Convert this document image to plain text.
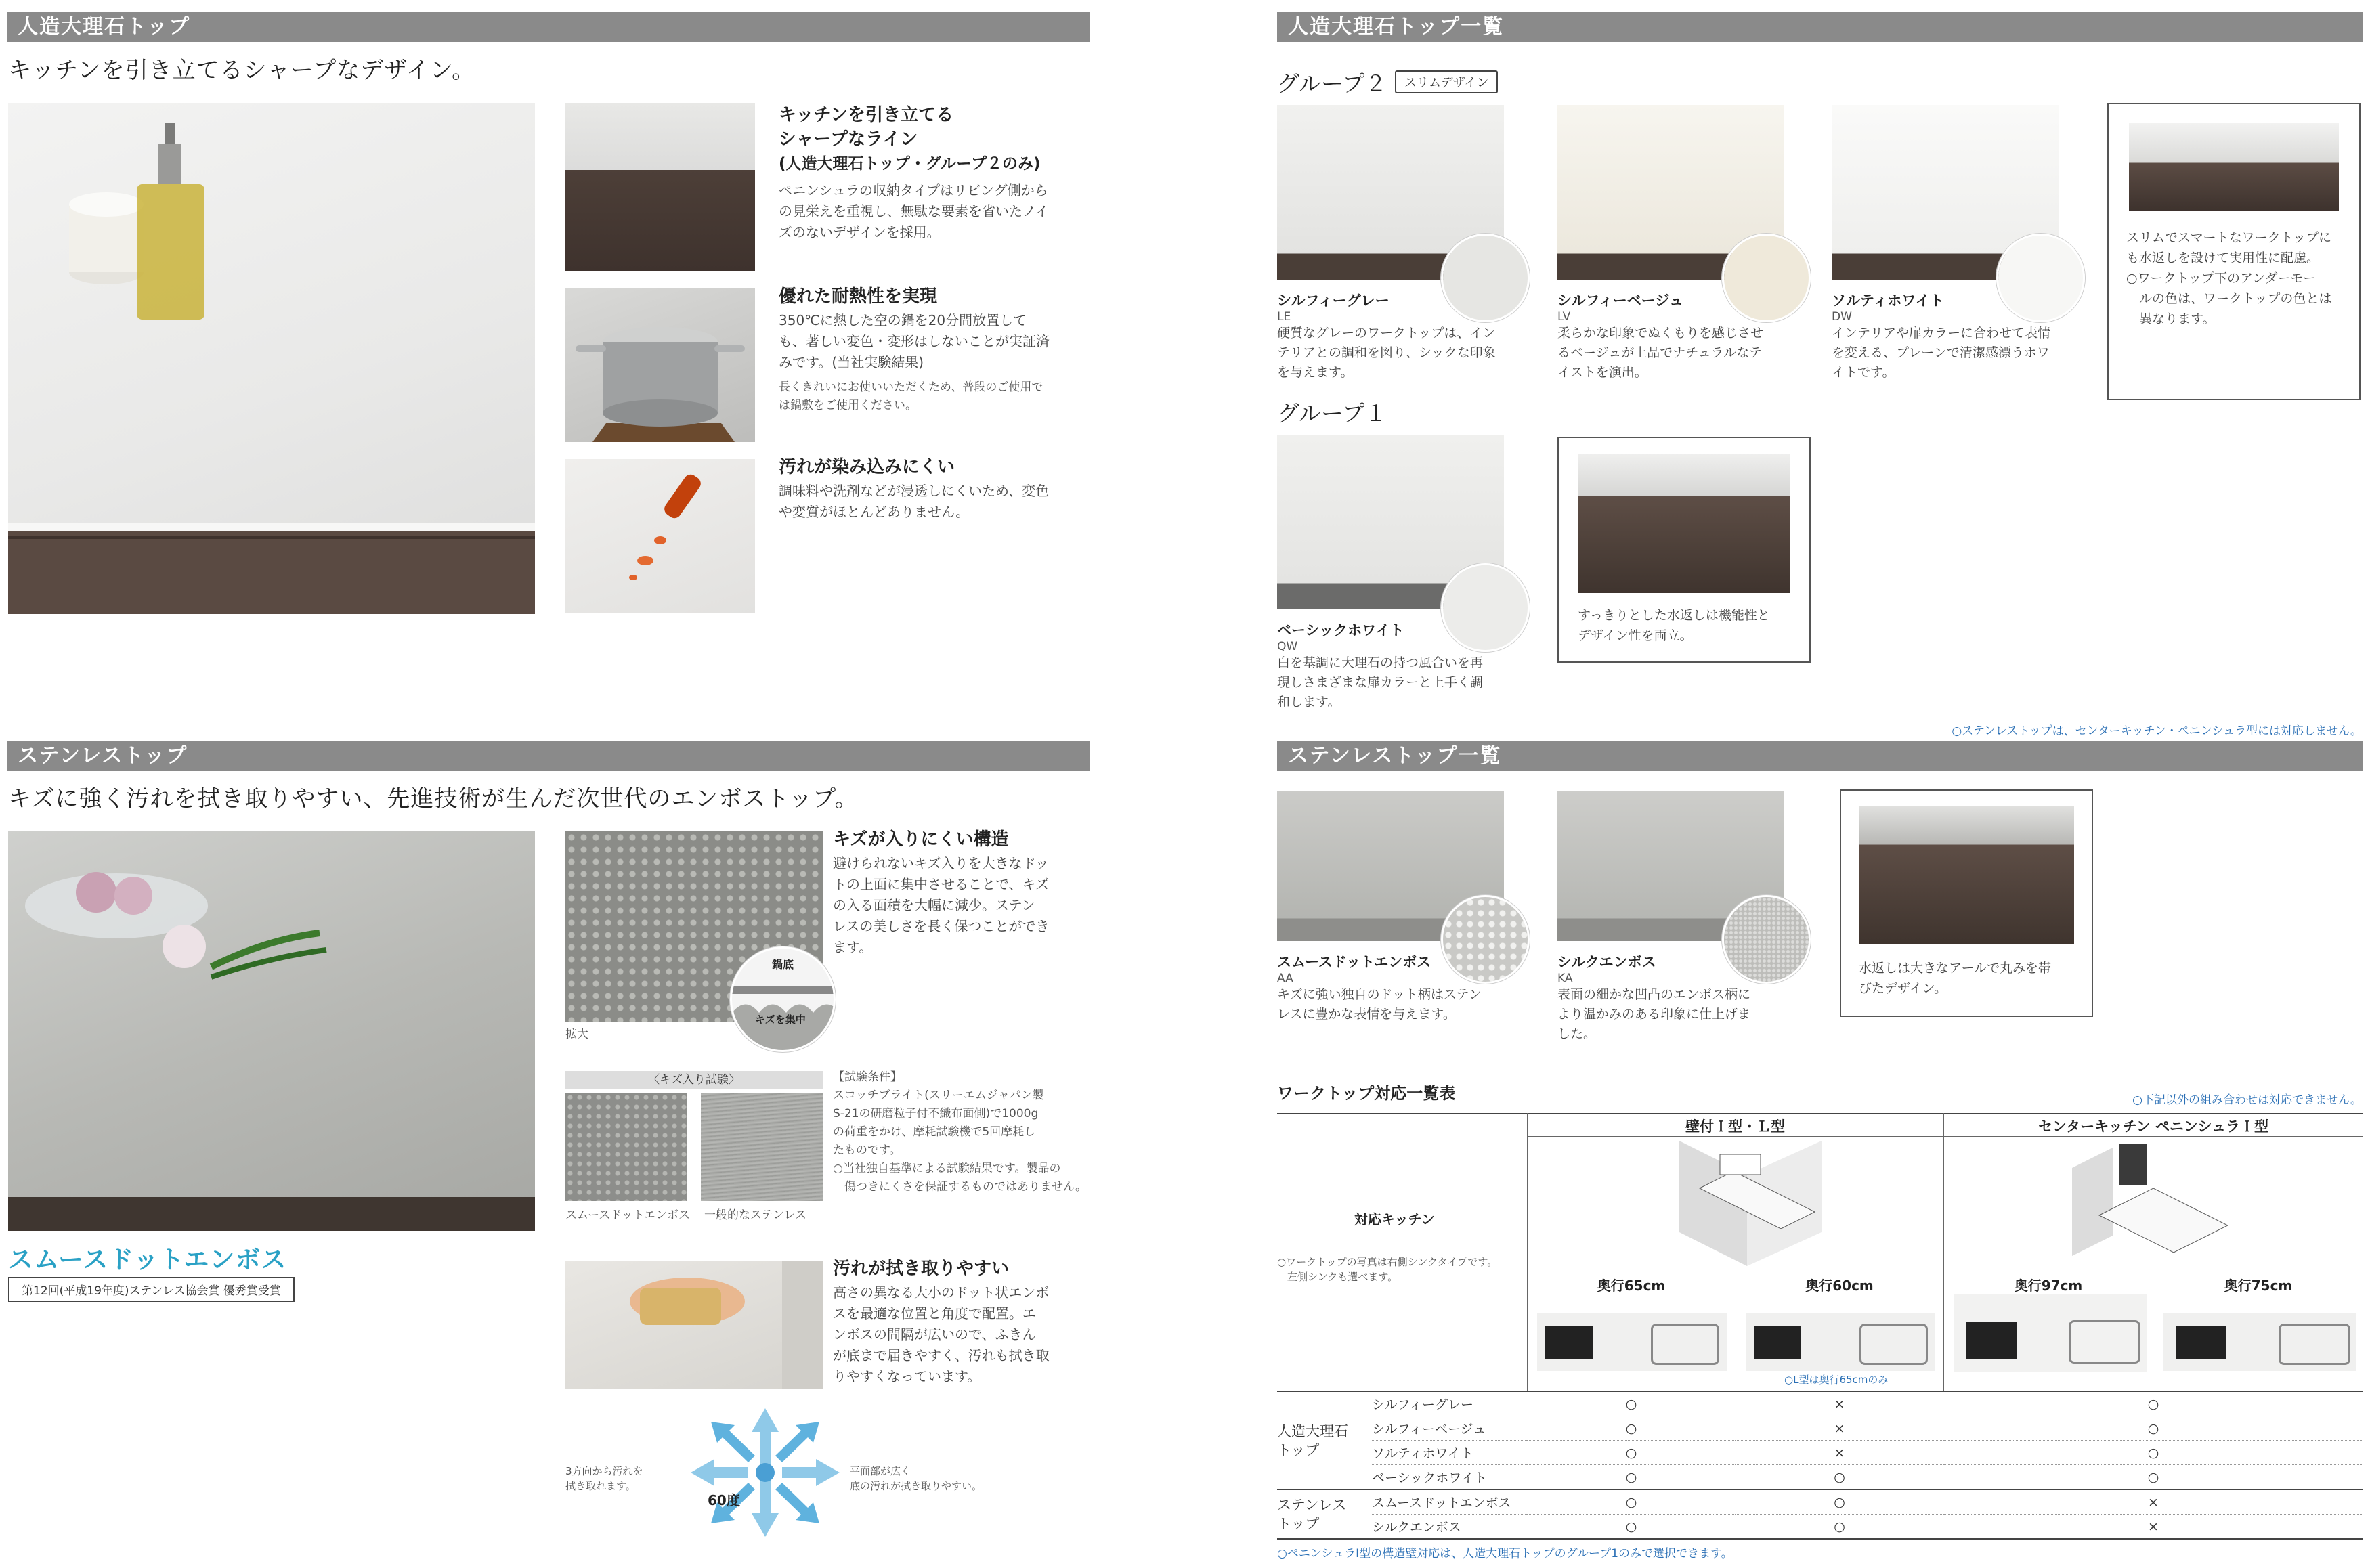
人造大理石トップ
キッチンを引き立てるシャープなデザイン。
キッチンを引き立てる
シャープなライン
(人造大理石トップ・グループ２のみ)
ペニンシュラの収納タイプはリビング側から
の見栄えを重視し、無駄な要素を省いたノイ
ズのないデザインを採用。
優れた耐熱性を実現
350℃に熱した空の鍋を20分間放置して
も、著しい変色・変形はしないことが実証済
みです。(当社実験結果)
長くきれいにお使いいただくため、普段のご使用で
は鍋敷をご使用ください。
汚れが染み込みにくい
調味料や洗剤などが浸透しにくいため、変色
や変質がほとんどありません。
ステンレストップ
キズに強く汚れを拭き取りやすい、先進技術が生んだ次世代のエンボストップ。
スムースドットエンボス
第12回(平成19年度)ステンレス協会賞 優秀賞受賞
鍋底
キズを集中
拡大
キズが入りにくい構造
避けられないキズ入りを大きなドッ
トの上面に集中させることで、キズ
の入る面積を大幅に減少。ステン
レスの美しさを長く保つことができ
ます。
〈キズ入り試験〉
スムースドットエンボス 一般的なステンレス
【試験条件】
スコッチブライト(スリーエムジャパン製
S-21の研磨粒子付不織布面側)で1000g
の荷重をかけ、摩耗試験機で5回摩耗し
たものです。
○当社独自基準による試験結果です。製品の
　傷つきにくさを保証するものではありません。
汚れが拭き取りやすい
高さの異なる大小のドット状エンボ
スを最適な位置と角度で配置。エ
ンボスの間隔が広いので、ふきん
が底まで届きやすく、汚れも拭き取
りやすくなっています。
60度
3方向から汚れを
拭き取れます。
平面部が広く
底の汚れが拭き取りやすい。
人造大理石トップ一覧
グループ２	スリムデザイン
シルフィーグレー
LE
硬質なグレーのワークトップは、イン
テリアとの調和を図り、シックな印象
を与えます。
シルフィーベージュ
LV
柔らかな印象でぬくもりを感じさせ
るベージュが上品でナチュラルなテ
イストを演出。
ソルティホワイト
DW
インテリアや扉カラーに合わせて表情
を変える、プレーンで清潔感漂うホワ
イトです。
スリムでスマートなワークトップに
も水返しを設けて実用性に配慮。
○ワークトップ下のアンダーモー
　ルの色は、ワークトップの色とは
　異なります。
グループ１
ベーシックホワイト
QW
白を基調に大理石の持つ風合いを再
現しさまざまな扉カラーと上手く調
和します。
すっきりとした水返しは機能性と
デザイン性を両立。
○ステンレストップは、センターキッチン・ペニンシュラ型には対応しません。
ステンレストップ一覧
スムースドットエンボス
AA
キズに強い独自のドット柄はステン
レスに豊かな表情を与えます。
シルクエンボス
KA
表面の細かな凹凸のエンボス柄に
より温かみのある印象に仕上げま
した。
水返しは大きなアールで丸みを帯
びたデザイン。
ワークトップ対応一覧表	○下記以外の組み合わせは対応できません。
壁付Ｉ型・Ｌ型	センターキッチン ペニンシュラＩ型
対応キッチン
○ワークトップの写真は右側シンクタイプです。
　左側シンクも選べます。
奥行65cm	奥行60cm	奥行97cm	奥行75cm
○L型は奥行65cmのみ
人造大理石
トップ	シルフィーグレー	○	×	○
	シルフィーベージュ	○	×	○
	ソルティホワイト	○	×	○
	ベーシックホワイト	○	○	○

ステンレス
トップ	スムースドットエンボス	○	○	×
	シルクエンボス	○	○	×
○ペニンシュラI型の構造壁対応は、人造大理石トップのグループ1のみで選択できます。
